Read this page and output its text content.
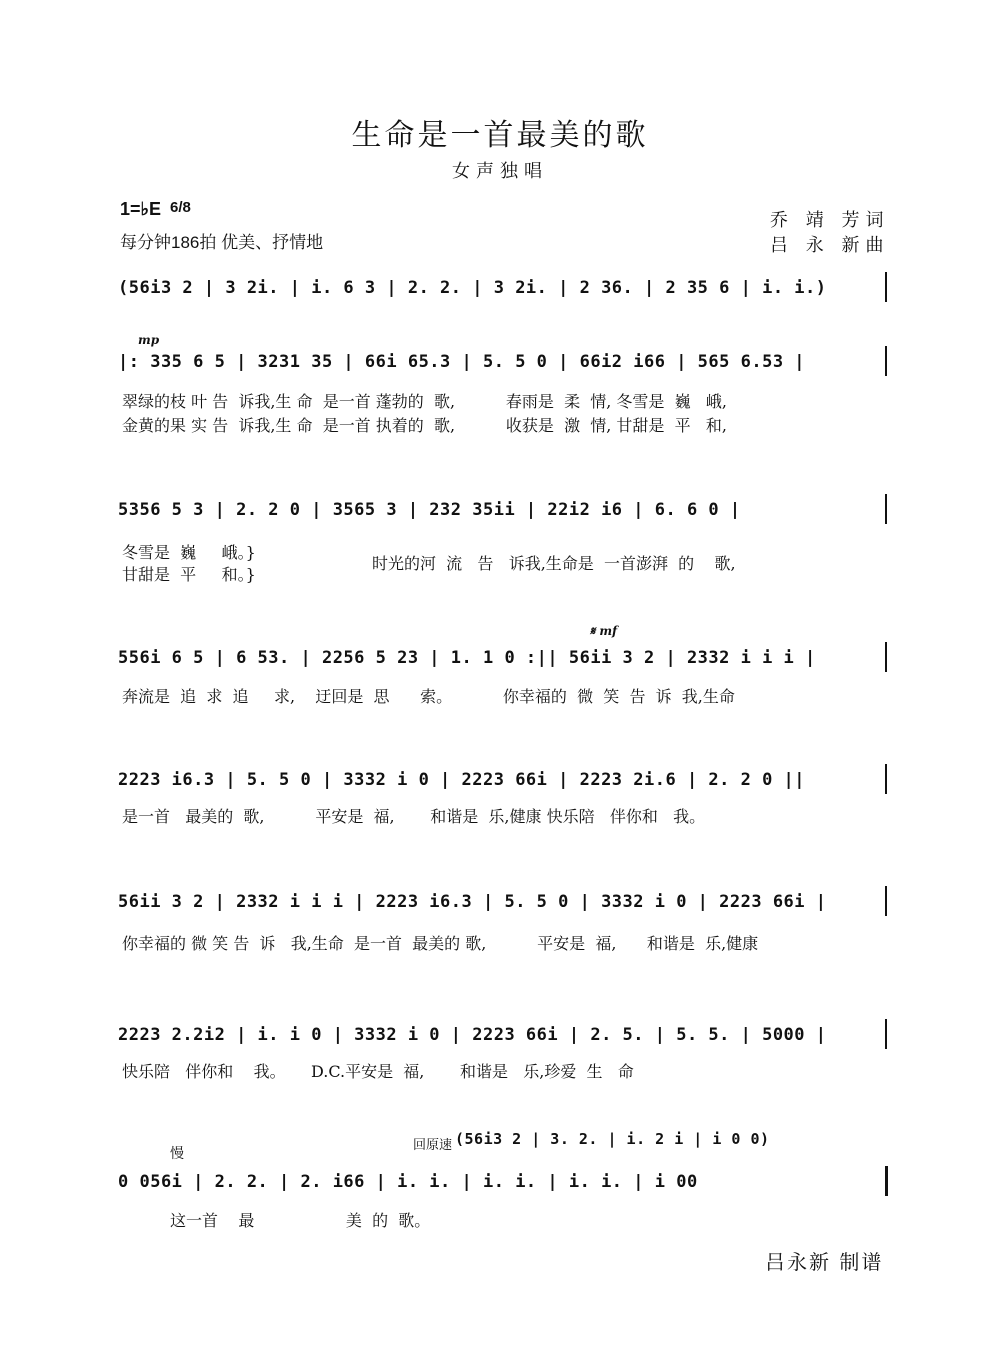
生命是一首最美的歌
女声独唱
1=♭E $^{6/8}$
每分钟186拍 优美、抒情地
乔 靖 芳词
吕 永 新曲
(56i3 2 | 3 2i. | i. 6 3 | 2. 2. | 3 2i. | 2 36. | 2 35 6 | i. i.)
mp
|: 335 6 5 | 3231 35 | 66i 65.3 | 5. 5 0 | 66i2 i66 | 565 6.53 |
翠绿的枝 叶 告  诉我,生 命  是一首 蓬勃的  歌,          春雨是  柔  情, 冬雪是  巍   峨,
金黄的果 实 告  诉我,生 命  是一首 执着的  歌,          收获是  激  情, 甘甜是  平   和,
5356 5 3 | 2. 2 0 | 3565 3 | 232 35ii | 22i2 i6 | 6. 6 0 |
冬雪是  巍     峨。}
甘甜是  平     和。}
时光的河  流   告   诉我,生命是  一首澎湃  的    歌,
𝄋 mf
556i 6 5 | 6 53. | 2256 5 23 | 1. 1 0 :|| 56ii 3 2 | 2332 i i i |
奔流是  追  求  追     求,    迂回是  思      索。          你幸福的  微  笑  告  诉  我,生命
2223 i6.3 | 5. 5 0 | 3332 i 0 | 2223 66i | 2223 2i.6 | 2. 2 0 ||
是一首   最美的  歌,          平安是  福,       和谐是  乐,健康 快乐陪   伴你和   我。
56ii 3 2 | 2332 i i i | 2223 i6.3 | 5. 5 0 | 3332 i 0 | 2223 66i |
你幸福的 微 笑 告  诉   我,生命  是一首  最美的 歌,          平安是  福,      和谐是  乐,健康
2223 2.2i2 | i. i 0 | 3332 i 0 | 2223 66i | 2. 5. | 5. 5. | 5000 |
快乐陪   伴你和    我。     D.C.平安是  福,       和谐是   乐,珍爱  生   命
回原速 (56i3 2 | 3. 2. | i. 2 i | i 0 0)
慢
0 056i | 2. 2. | 2. i66 | i. i. | i. i. | i. i. | i 00
这一首    最                  美  的  歌。
吕永新 制谱
